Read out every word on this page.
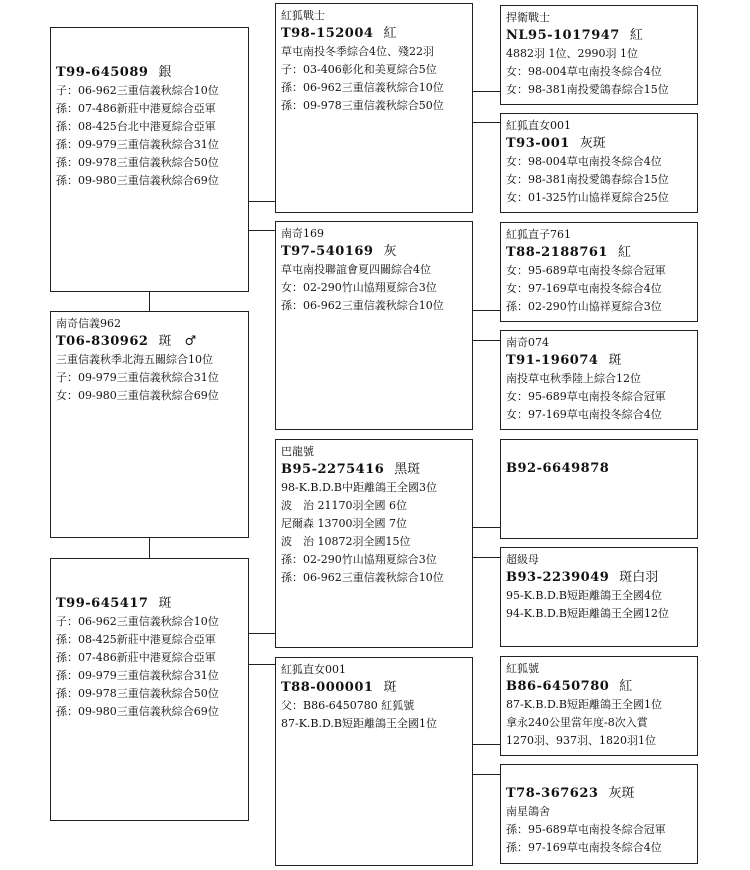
T99-645089 銀
子：06-962三重信義秋綜合10位
孫：07-486新莊中港夏綜合亞軍
孫：08-425台北中港夏綜合亞軍
孫：09-979三重信義秋綜合31位
孫：09-978三重信義秋綜合50位
孫：09-980三重信義秋綜合69位
南奇信義962
T06-830962 斑　♂
三重信義秋季北海五關綜合10位
子：09-979三重信義秋綜合31位
女：09-980三重信義秋綜合69位
T99-645417 斑
子：06-962三重信義秋綜合10位
孫：08-425新莊中港夏綜合亞軍
孫：07-486新莊中港夏綜合亞軍
孫：09-979三重信義秋綜合31位
孫：09-978三重信義秋綜合50位
孫：09-980三重信義秋綜合69位
紅狐戰士
T98-152004 紅
草屯南投冬季綜合4位、殘22羽
子：03-406彰化和美夏綜合5位
孫：06-962三重信義秋綜合10位
孫：09-978三重信義秋綜合50位
南奇169
T97-540169 灰
草屯南投聯誼會夏四關綜合4位
女：02-290竹山協翔夏綜合3位
孫：06-962三重信義秋綜合10位
巴龍號
B95-2275416 黑斑
98-K.B.D.B中距離鴿王全國3位
波　治 21170羽全國 6位
尼爾森 13700羽全國 7位
波　治 10872羽全國15位
孫：02-290竹山協翔夏綜合3位
孫：06-962三重信義秋綜合10位
紅狐直女001
T88-000001 斑
父：B86-6450780 紅狐號
87-K.B.D.B短距離鴿王全國1位
捍衛戰士
NL95-1017947 紅
4882羽 1位、2990羽 1位
女：98-004草屯南投冬綜合4位
女：98-381南投愛鴿春綜合15位
紅狐直女001
T93-001 灰斑
女：98-004草屯南投冬綜合4位
女：98-381南投愛鴿春綜合15位
女：01-325竹山協祥夏綜合25位
紅狐直子761
T88-2188761 紅
女：95-689草屯南投冬綜合冠軍
女：97-169草屯南投冬綜合4位
孫：02-290竹山協祥夏綜合3位
南奇074
T91-196074 斑
南投草屯秋季陸上綜合12位
女：95-689草屯南投冬綜合冠軍
女：97-169草屯南投冬綜合4位
B92-6649878
超級母
B93-2239049 斑白羽
95-K.B.D.B短距離鴿王全國4位
94-K.B.D.B短距離鴿王全國12位
紅狐號
B86-6450780 紅
87-K.B.D.B短距離鴿王全國1位
拿永240公里當年度-8次入賞
1270羽、937羽、1820羽1位
T78-367623 灰斑
南星鴿舍
孫：95-689草屯南投冬綜合冠軍
孫：97-169草屯南投冬綜合4位
